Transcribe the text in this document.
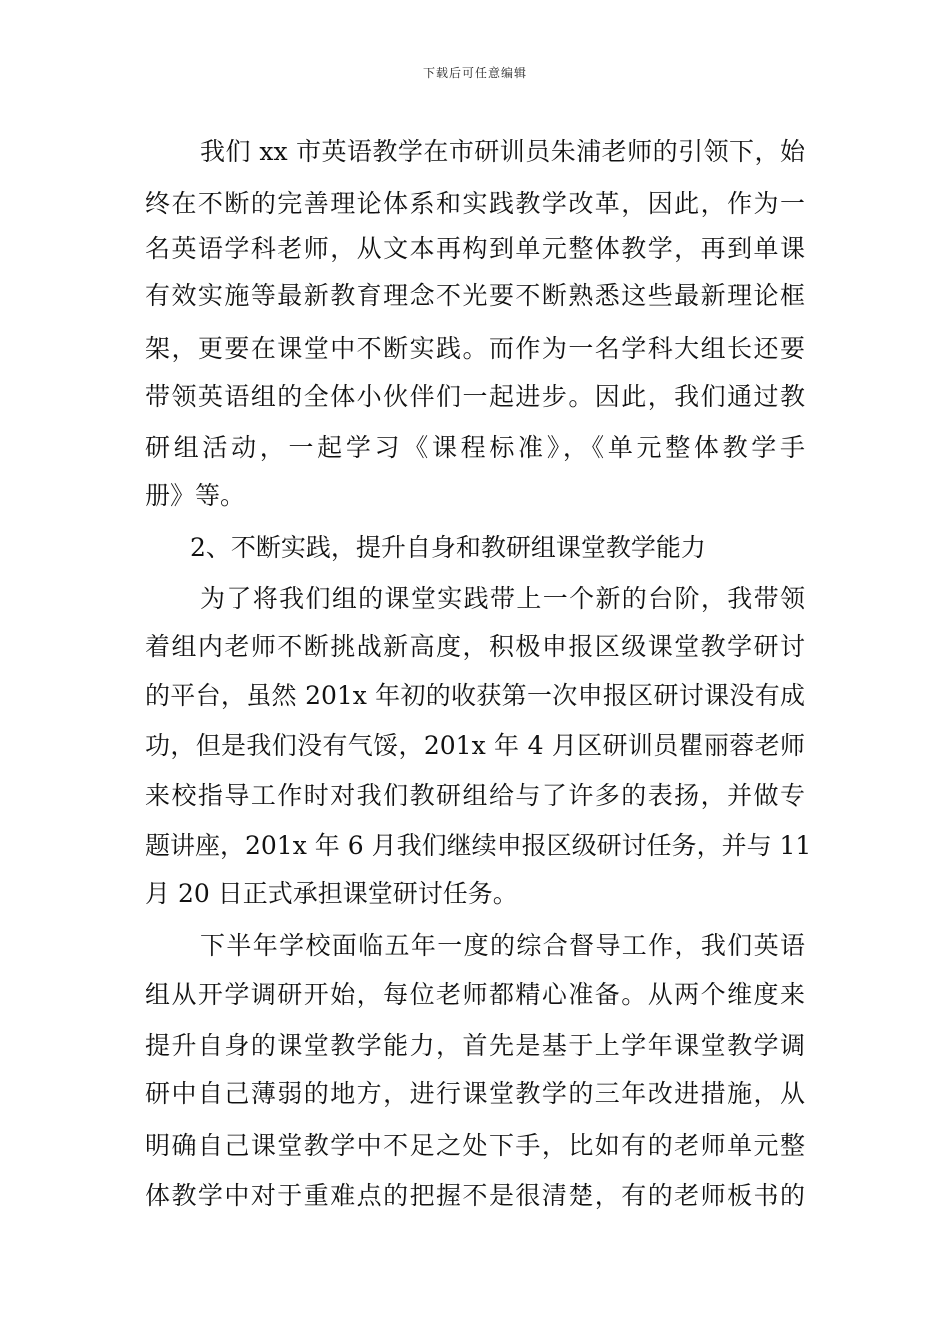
下载后可任意编辑
我们 xx 市英语教学在市研训员朱浦老师的引领下，始
终在不断的完善理论体系和实践教学改革，因此，作为一
名英语学科老师，从文本再构到单元整体教学，再到单课
有效实施等最新教育理念不光要不断熟悉这些最新理论框
架，更要在课堂中不断实践。而作为一名学科大组长还要
带领英语组的全体小伙伴们一起进步。因此，我们通过教
研组活动，一起学习《课程标准》，《单元整体教学手
册》等。
2、不断实践，提升自身和教研组课堂教学能力
为了将我们组的课堂实践带上一个新的台阶，我带领
着组内老师不断挑战新高度，积极申报区级课堂教学研讨
的平台，虽然 201x 年初的收获第一次申报区研讨课没有成
功，但是我们没有气馁，201x 年 4 月区研训员瞿丽蓉老师
来校指导工作时对我们教研组给与了许多的表扬，并做专
题讲座，201x 年 6 月我们继续申报区级研讨任务，并与 11
月 20 日正式承担课堂研讨任务。
下半年学校面临五年一度的综合督导工作，我们英语
组从开学调研开始，每位老师都精心准备。从两个维度来
提升自身的课堂教学能力，首先是基于上学年课堂教学调
研中自己薄弱的地方，进行课堂教学的三年改进措施，从
明确自己课堂教学中不足之处下手，比如有的老师单元整
体教学中对于重难点的把握不是很清楚，有的老师板书的
